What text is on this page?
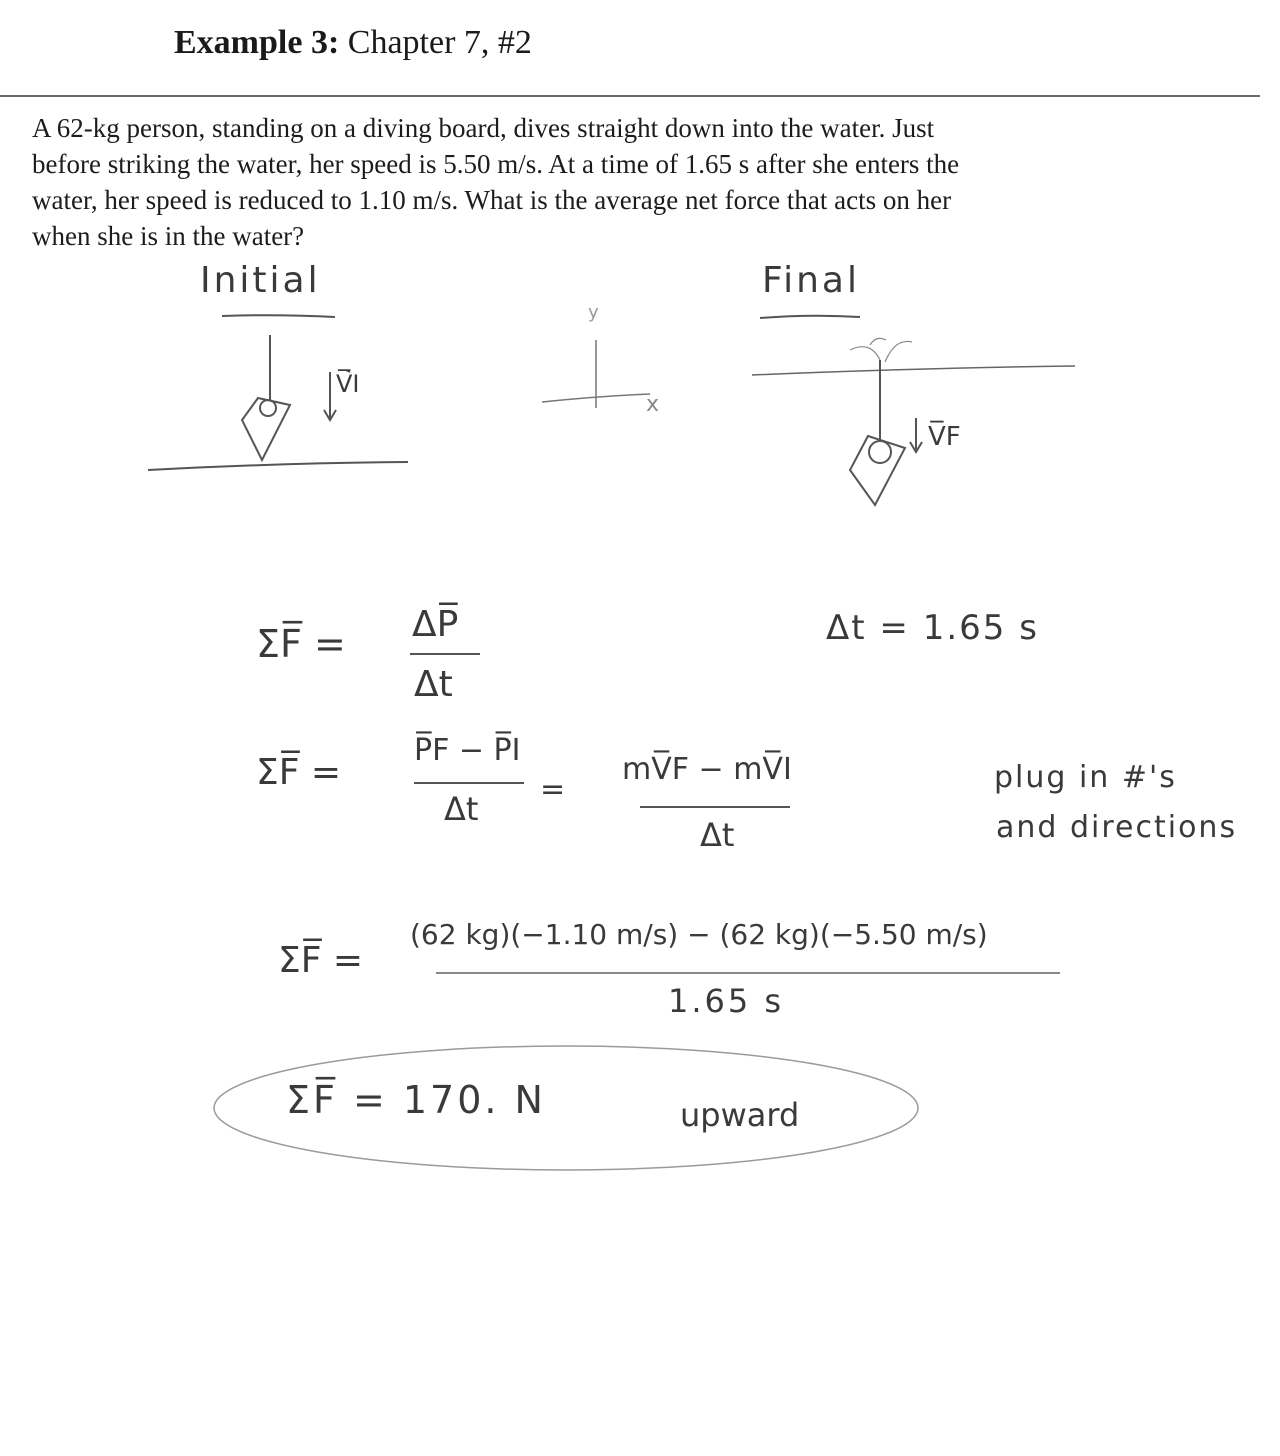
Example 3: Chapter 7, #2
A 62-kg person, standing on a diving board, dives straight down into the water. Just
before striking the water, her speed is 5.50 m/s. At a time of 1.65 s after she enters the
water, her speed is reduced to 1.10 m/s. What is the average net force that acts on her
when she is in the water?
Initial	Final
V̅I
V̅F
y
x
ΣF̅ = ΔP̅
Δt
Δt = 1.65 s
ΣF̅ =
P̅F − P̅I
Δt
=
mV̅F − mV̅I
Δt
plug in #'s
and directions
ΣF̅ =
(62 kg)(−1.10 m/s) − (62 kg)(−5.50 m/s)
1.65 s
ΣF̅ = 170. N	upward
